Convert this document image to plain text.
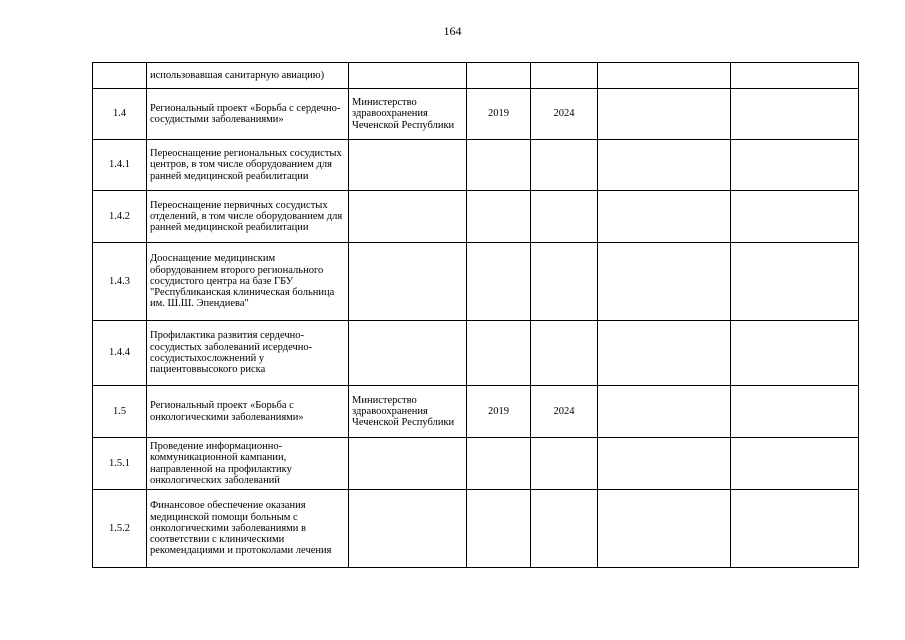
164
	использовавшая санитарную авиацию)					
1.4	Региональный проект «Борьба с сердечно-сосудистыми заболеваниями»	Министерство здравоохранения Чеченской Республики	2019	2024		
1.4.1	Переоснащение региональных сосудистых центров, в том числе оборудованием для ранней медицинской реабилитации					
1.4.2	Переоснащение первичных сосудистых отделений, в том числе оборудованием для ранней медицинской реабилитации					
1.4.3	Дооснащение медицинским оборудованием второго регионального сосудистого центра на базе ГБУ "Республиканская клиническая больница им. Ш.Ш. Эпендиева"					
1.4.4	Профилактика развития сердечно-сосудистых заболеваний исердечно-сосудистыхосложнений у пациентоввысокого риска					
1.5	Региональный проект «Борьба с онкологическими заболеваниями»	Министерство здравоохранения Чеченской Республики	2019	2024		
1.5.1	Проведение информационно-коммуникационной кампании, направленной на профилактику онкологических заболеваний					
1.5.2	Финансовое обеспечение оказания медицинской помощи больным с онкологическими заболеваниями в соответствии с клиническими рекомендациями и протоколами лечения					
